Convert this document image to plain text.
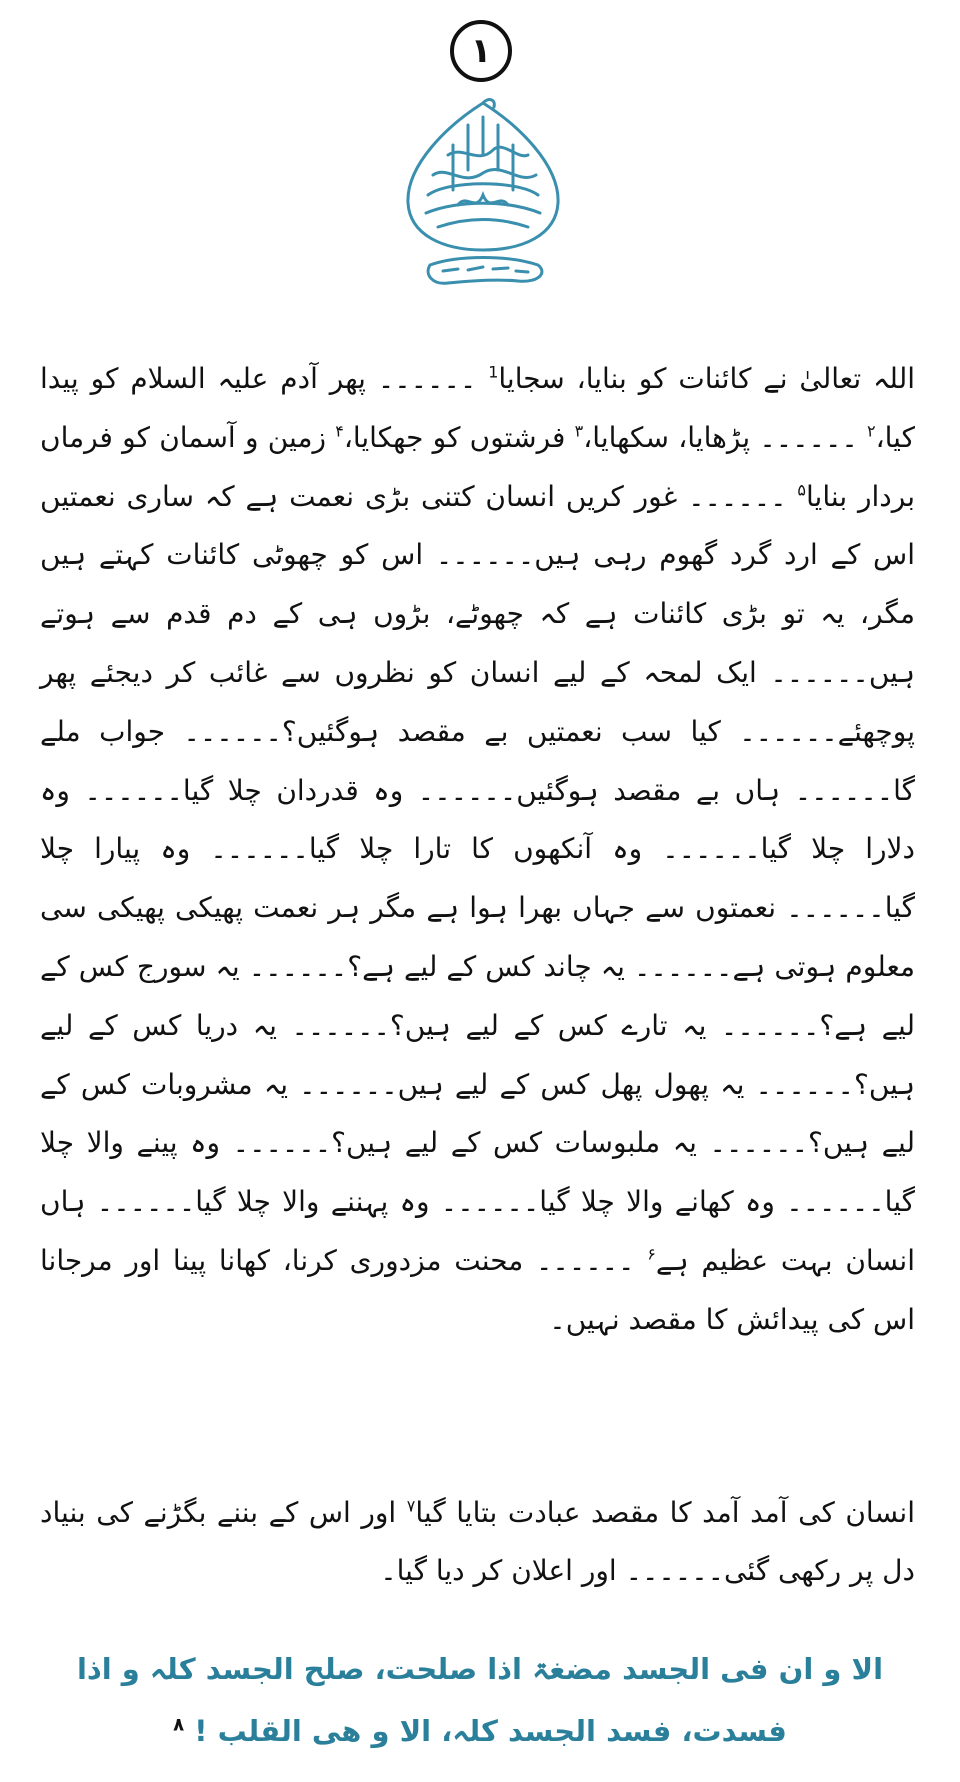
۱

اللہ تعالیٰ نے کائنات کو بنایا، سجایا$^1$ ۔۔۔۔۔۔ پھر آدم علیہ السلام کو پیدا کیا،$^۲$ ۔۔۔۔۔۔ پڑھایا، سکھایا،$^۳$ فرشتوں کو جھکایا،$^۴$ زمین و آسمان کو فرماں بردار بنایا$^۵$ ۔۔۔۔۔۔ غور کریں انسان کتنی بڑی نعمت ہے کہ ساری نعمتیں اس کے ارد گرد گھوم رہی ہیں۔۔۔۔۔۔ اس کو چھوٹی کائنات کہتے ہیں مگر، یہ تو بڑی کائنات ہے کہ چھوٹے، بڑوں ہی کے دم قدم سے ہوتے ہیں۔۔۔۔۔۔ ایک لمحہ کے لیے انسان کو نظروں سے غائب کر دیجئے پھر پوچھئے۔۔۔۔۔۔ کیا سب نعمتیں بے مقصد ہوگئیں؟۔۔۔۔۔۔ جواب ملے گا۔۔۔۔۔۔ ہاں بے مقصد ہوگئیں۔۔۔۔۔۔ وہ قدردان چلا گیا۔۔۔۔۔۔ وہ دلارا چلا گیا۔۔۔۔۔۔ وہ آنکھوں کا تارا چلا گیا۔۔۔۔۔۔ وہ پیارا چلا گیا۔۔۔۔۔۔ نعمتوں سے جہاں بھرا ہوا ہے مگر ہر نعمت پھیکی پھیکی سی معلوم ہوتی ہے۔۔۔۔۔۔ یہ چاند کس کے لیے ہے؟۔۔۔۔۔۔ یہ سورج کس کے لیے ہے؟۔۔۔۔۔۔ یہ تارے کس کے لیے ہیں؟۔۔۔۔۔۔ یہ دریا کس کے لیے ہیں؟۔۔۔۔۔۔ یہ پھول پھل کس کے لیے ہیں۔۔۔۔۔۔ یہ مشروبات کس کے لیے ہیں؟۔۔۔۔۔۔ یہ ملبوسات کس کے لیے ہیں؟۔۔۔۔۔۔ وہ پینے والا چلا گیا۔۔۔۔۔۔ وہ کھانے والا چلا گیا۔۔۔۔۔۔ وہ پہننے والا چلا گیا۔۔۔۔۔۔ ہاں انسان بہت عظیم ہے$^۶$ ۔۔۔۔۔۔ محنت مزدوری کرنا، کھانا پینا اور مرجانا اس کی پیدائش کا مقصد نہیں۔

انسان کی آمد آمد کا مقصد عبادت بتایا گیا$^۷$ اور اس کے بننے بگڑنے کی بنیاد دل پر رکھی گئی۔۔۔۔۔۔ اور اعلان کر دیا گیا۔

الا و ان فی الجسد مضغۃ اذا صلحت، صلح الجسد کلہ و اذا

فسدت، فسد الجسد کلہ، الا و ھی القلب ! $^۸$
